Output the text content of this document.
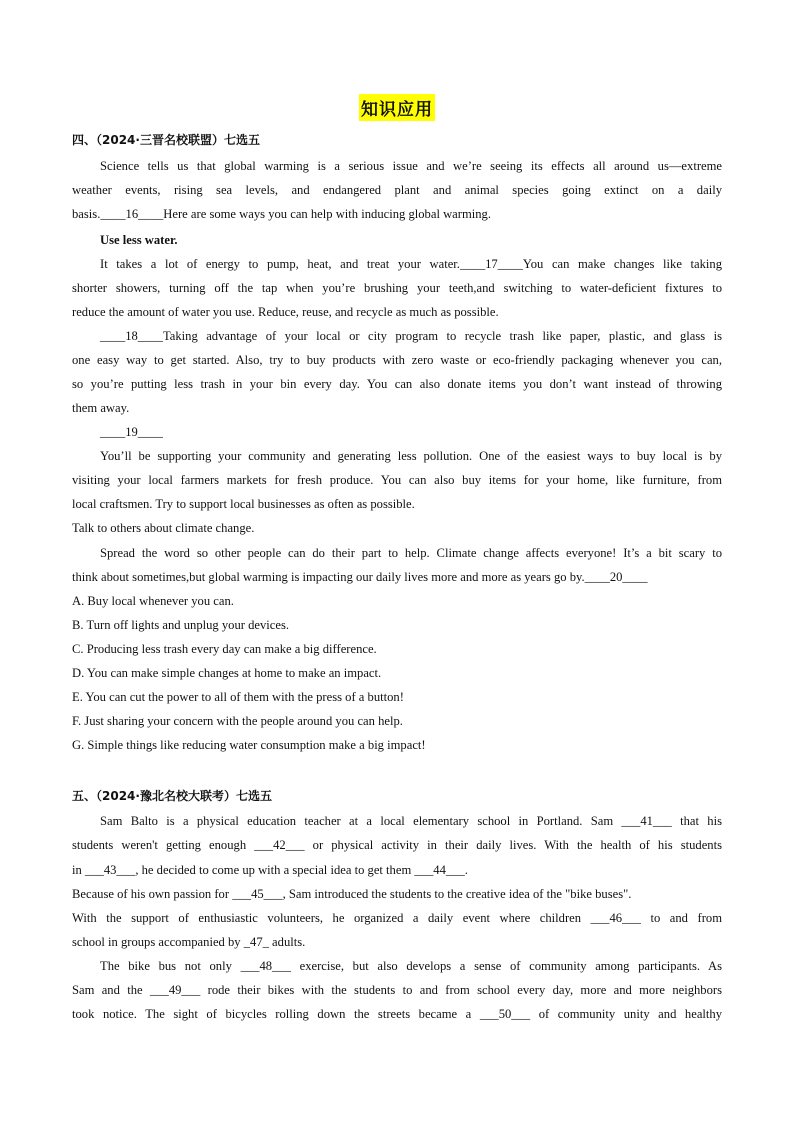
知识应用
四、（2024·三晋名校联盟）七选五
Science tells us that global warming is a serious issue and we’re seeing its effects all around us—extreme
weather events, rising sea levels, and endangered plant and animal species going extinct on a daily
basis.____16____Here are some ways you can help with inducing global warming.
Use less water.
It takes a lot of energy to pump, heat, and treat your water.____17____You can make changes like taking
shorter showers, turning off the tap when you’re brushing your teeth,and switching to water-deficient fixtures to
reduce the amount of water you use. Reduce, reuse, and recycle as much as possible.
____18____Taking advantage of your local or city program to recycle trash like paper, plastic, and glass is
one easy way to get started. Also, try to buy products with zero waste or eco-friendly packaging whenever you can,
so you’re putting less trash in your bin every day. You can also donate items you don’t want instead of throwing
them away.
____19____
You’ll be supporting your community and generating less pollution. One of the easiest ways to buy local is by
visiting your local farmers markets for fresh produce. You can also buy items for your home, like furniture, from
local craftsmen. Try to support local businesses as often as possible.
Talk to others about climate change.
Spread the word so other people can do their part to help. Climate change affects everyone! It’s a bit scary to
think about sometimes,but global warming is impacting our daily lives more and more as years go by.____20____
A. Buy local whenever you can.
B. Turn off lights and unplug your devices.
C. Producing less trash every day can make a big difference.
D. You can make simple changes at home to make an impact.
E. You can cut the power to all of them with the press of a button!
F. Just sharing your concern with the people around you can help.
G. Simple things like reducing water consumption make a big impact!
五、（2024·豫北名校大联考）七选五
Sam Balto is a physical education teacher at a local elementary school in Portland. Sam ___41___ that his
students weren't getting enough ___42___ or physical activity in their daily lives. With the health of his students
in ___43___, he decided to come up with a special idea to get them ___44___.
Because of his own passion for ___45___, Sam introduced the students to the creative idea of the "bike buses".
With the support of enthusiastic volunteers, he organized a daily event where children ___46___ to and from
school in groups accompanied by _47_ adults.
The bike bus not only ___48___ exercise, but also develops a sense of community among participants. As
Sam and the ___49___ rode their bikes with the students to and from school every day, more and more neighbors
took notice. The sight of bicycles rolling down the streets became a ___50___ of community unity and healthy
